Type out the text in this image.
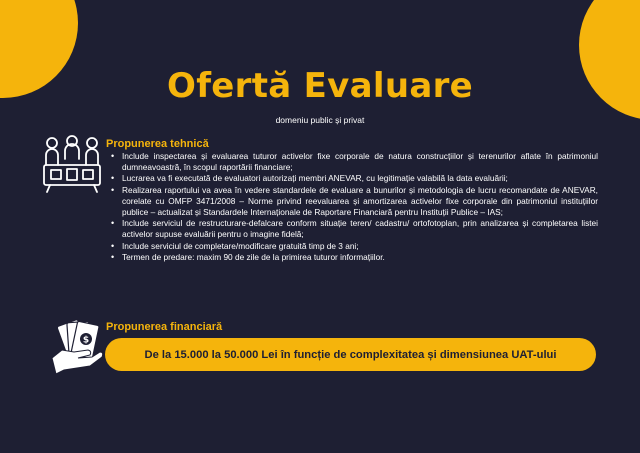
Ofertă Evaluare
domeniu public și privat
Propunerea tehnică
• Include inspectarea și evaluarea tuturor activelor fixe corporale de natura construcțiilor și terenurilor aflate în patrimoniul dumneavoastră, în scopul raportării financiare;
• Lucrarea va fi executată de evaluatori autorizați membri ANEVAR, cu legitimație valabilă la data evaluării;
• Realizarea raportului va avea în vedere standardele de evaluare a bunurilor și metodologia de lucru recomandate de ANEVAR, corelate cu OMFP 3471/2008 – Norme privind reevaluarea și amortizarea activelor fixe corporale din patrimoniul instituțiilor publice – actualizat și Standardele Internaționale de Raportare Financiară pentru Instituții Publice – IAS;
• Include serviciul de restructurare-defalcare conform situație teren/ cadastru/ ortofotoplan, prin analizarea și completarea listei activelor supuse evaluării pentru o imagine fidelă;
• Include serviciul de completare/modificare gratuită timp de 3 ani;
• Termen de predare: maxim 90 de zile de la primirea tuturor informațiilor.
$
Propunerea financiară
De la 15.000 la 50.000 Lei în funcție de complexitatea și dimensiunea UAT-ului
